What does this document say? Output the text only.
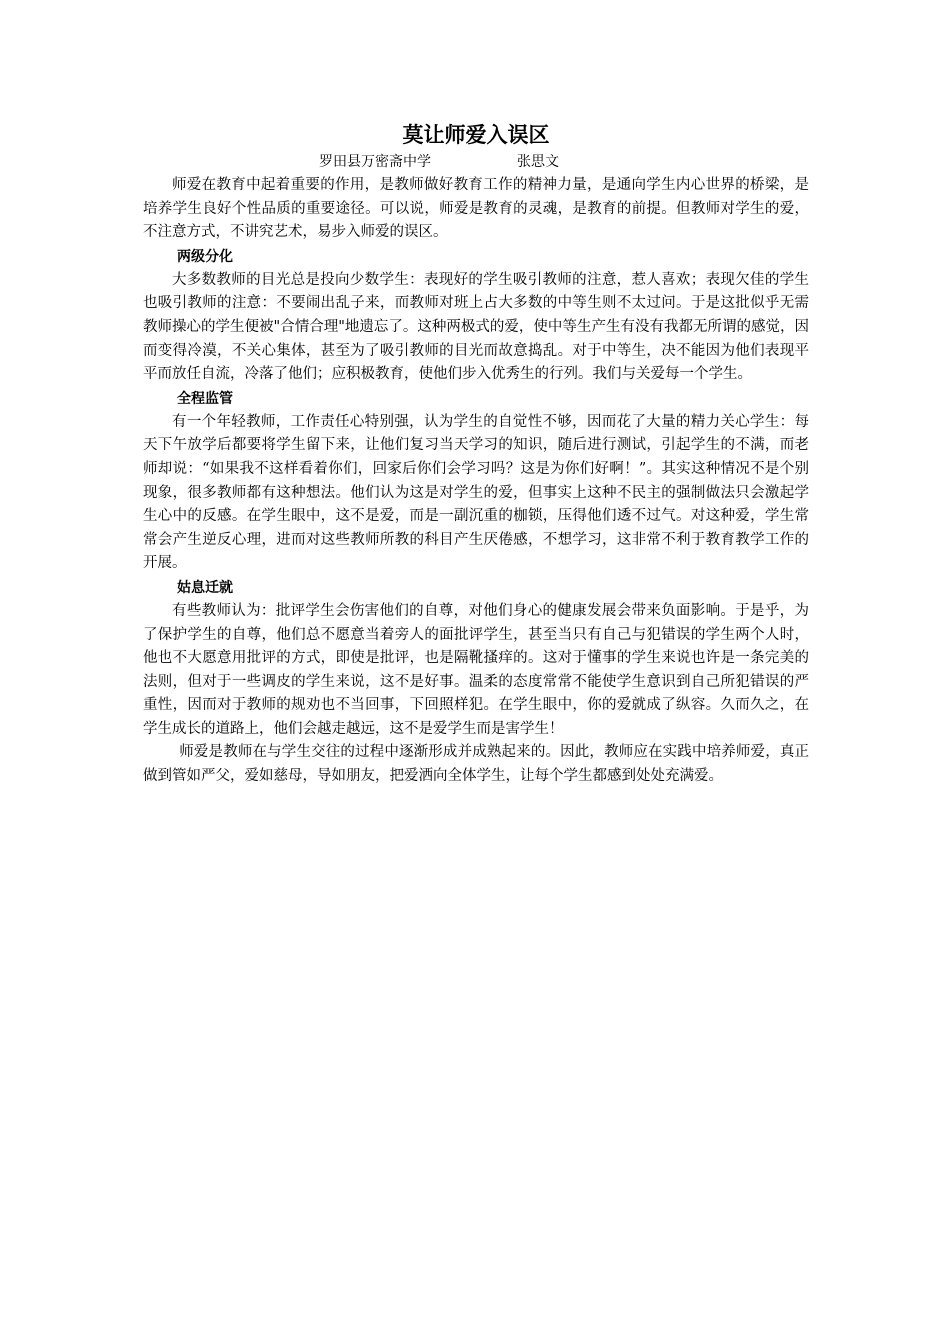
莫让师爱入误区
罗田县万密斋中学	张思文

师爱在教育中起着重要的作用，是教师做好教育工作的精神力量，是通向学生内心世界的桥梁，是培养学生良好个性品质的重要途径。可以说，师爱是教育的灵魂，是教育的前提。但教师对学生的爱，不注意方式，不讲究艺术，易步入师爱的误区。

两级分化

大多数教师的目光总是投向少数学生：表现好的学生吸引教师的注意，惹人喜欢；表现欠佳的学生也吸引教师的注意：不要闹出乱子来，而教师对班上占大多数的中等生则不太过问。于是这批似乎无需教师操心的学生便被"合情合理"地遗忘了。这种两极式的爱，使中等生产生有没有我都无所谓的感觉，因而变得冷漠，不关心集体，甚至为了吸引教师的目光而故意捣乱。对于中等生，决不能因为他们表现平平而放任自流，冷落了他们；应积极教育，使他们步入优秀生的行列。我们与关爱每一个学生。

全程监管

有一个年轻教师，工作责任心特别强，认为学生的自觉性不够，因而花了大量的精力关心学生：每天下午放学后都要将学生留下来，让他们复习当天学习的知识，随后进行测试，引起学生的不满，而老师却说：“如果我不这样看着你们，回家后你们会学习吗？这是为你们好啊！”。其实这种情况不是个别现象，很多教师都有这种想法。他们认为这是对学生的爱，但事实上这种不民主的强制做法只会激起学生心中的反感。在学生眼中，这不是爱，而是一副沉重的枷锁，压得他们透不过气。对这种爱，学生常常会产生逆反心理，进而对这些教师所教的科目产生厌倦感，不想学习，这非常不利于教育教学工作的开展。

姑息迁就

有些教师认为：批评学生会伤害他们的自尊，对他们身心的健康发展会带来负面影响。于是乎，为了保护学生的自尊，他们总不愿意当着旁人的面批评学生，甚至当只有自己与犯错误的学生两个人时，他也不大愿意用批评的方式，即使是批评，也是隔靴搔痒的。这对于懂事的学生来说也许是一条完美的法则，但对于一些调皮的学生来说，这不是好事。温柔的态度常常不能使学生意识到自己所犯错误的严重性，因而对于教师的规劝也不当回事，下回照样犯。在学生眼中，你的爱就成了纵容。久而久之，在学生成长的道路上，他们会越走越远，这不是爱学生而是害学生！

师爱是教师在与学生交往的过程中逐渐形成并成熟起来的。因此，教师应在实践中培养师爱，真正做到管如严父，爱如慈母，导如朋友，把爱洒向全体学生，让每个学生都感到处处充满爱。
